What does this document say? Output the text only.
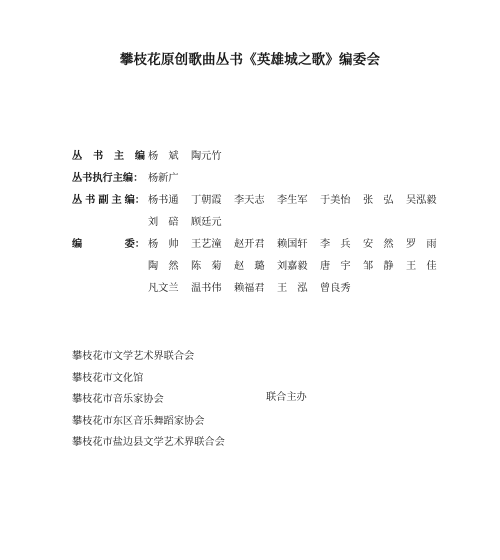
攀枝花原创歌曲丛书《英雄城之歌》编委会
丛 书 主 编 杨　斌	陶元竹
丛书执行主编： 杨新广
丛 书 副 主 编： 杨书通	丁朝霞	李天志	李生军	于美怡	张　弘	吴泓毅
刘　碚	顾廷元
编	委： 杨　帅	王艺潼	赵开君	赖国轩	李　兵	安　然	罗　雨
陶　然	陈　菊	赵　璐	刘嘉毅	唐　宇	邹　静	王　佳
凡文兰	温书伟	赖福君	王　泓	曾良秀
攀枝花市文学艺术界联合会
攀枝花市文化馆
攀枝花市音乐家协会
攀枝花市东区音乐舞蹈家协会
攀枝花市盐边县文学艺术界联合会
联合主办
